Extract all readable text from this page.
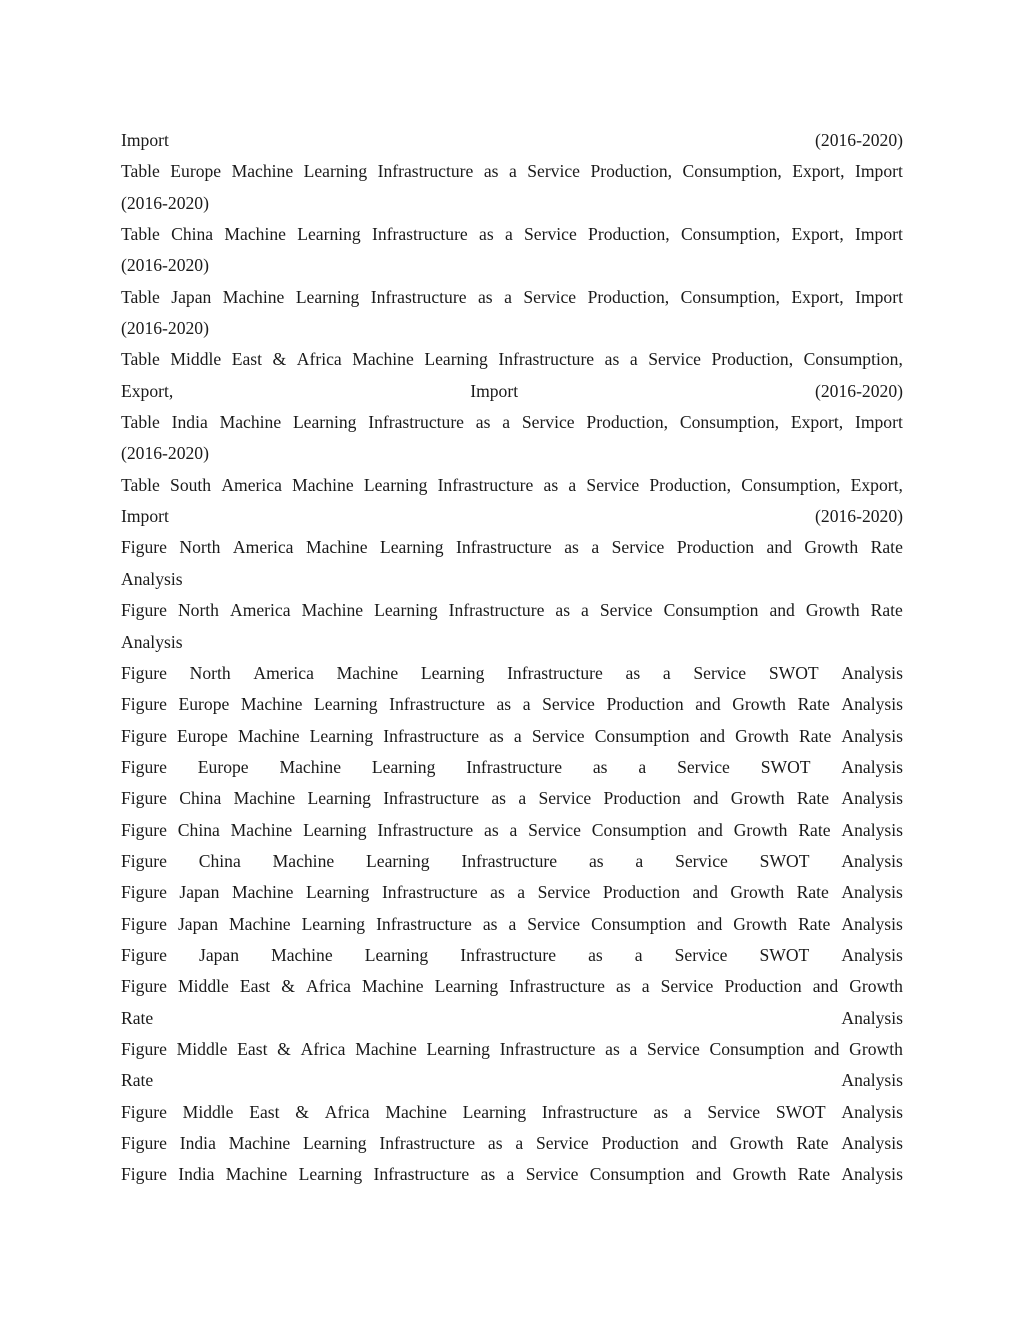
Import	(2016-2020)
Table Europe Machine Learning Infrastructure as a Service Production, Consumption, Export, Import
(2016-2020)
Table China Machine Learning Infrastructure as a Service Production, Consumption, Export, Import
(2016-2020)
Table Japan Machine Learning Infrastructure as a Service Production, Consumption, Export, Import
(2016-2020)
Table Middle East & Africa Machine Learning Infrastructure as a Service Production, Consumption,
Export,	Import	(2016-2020)
Table India Machine Learning Infrastructure as a Service Production, Consumption, Export, Import
(2016-2020)
Table South America Machine Learning Infrastructure as a Service Production, Consumption, Export,
Import	(2016-2020)
Figure North America Machine Learning Infrastructure as a Service Production and Growth Rate
Analysis
Figure North America Machine Learning Infrastructure as a Service Consumption and Growth Rate
Analysis
Figure North America Machine Learning Infrastructure as a Service SWOT Analysis
Figure Europe Machine Learning Infrastructure as a Service Production and Growth Rate Analysis
Figure Europe Machine Learning Infrastructure as a Service Consumption and Growth Rate Analysis
Figure Europe Machine Learning Infrastructure as a Service SWOT Analysis
Figure China Machine Learning Infrastructure as a Service Production and Growth Rate Analysis
Figure China Machine Learning Infrastructure as a Service Consumption and Growth Rate Analysis
Figure China Machine Learning Infrastructure as a Service SWOT Analysis
Figure Japan Machine Learning Infrastructure as a Service Production and Growth Rate Analysis
Figure Japan Machine Learning Infrastructure as a Service Consumption and Growth Rate Analysis
Figure Japan Machine Learning Infrastructure as a Service SWOT Analysis
Figure Middle East & Africa Machine Learning Infrastructure as a Service Production and Growth
Rate	Analysis
Figure Middle East & Africa Machine Learning Infrastructure as a Service Consumption and Growth
Rate	Analysis
Figure Middle East & Africa Machine Learning Infrastructure as a Service SWOT Analysis
Figure India Machine Learning Infrastructure as a Service Production and Growth Rate Analysis
Figure India Machine Learning Infrastructure as a Service Consumption and Growth Rate Analysis
